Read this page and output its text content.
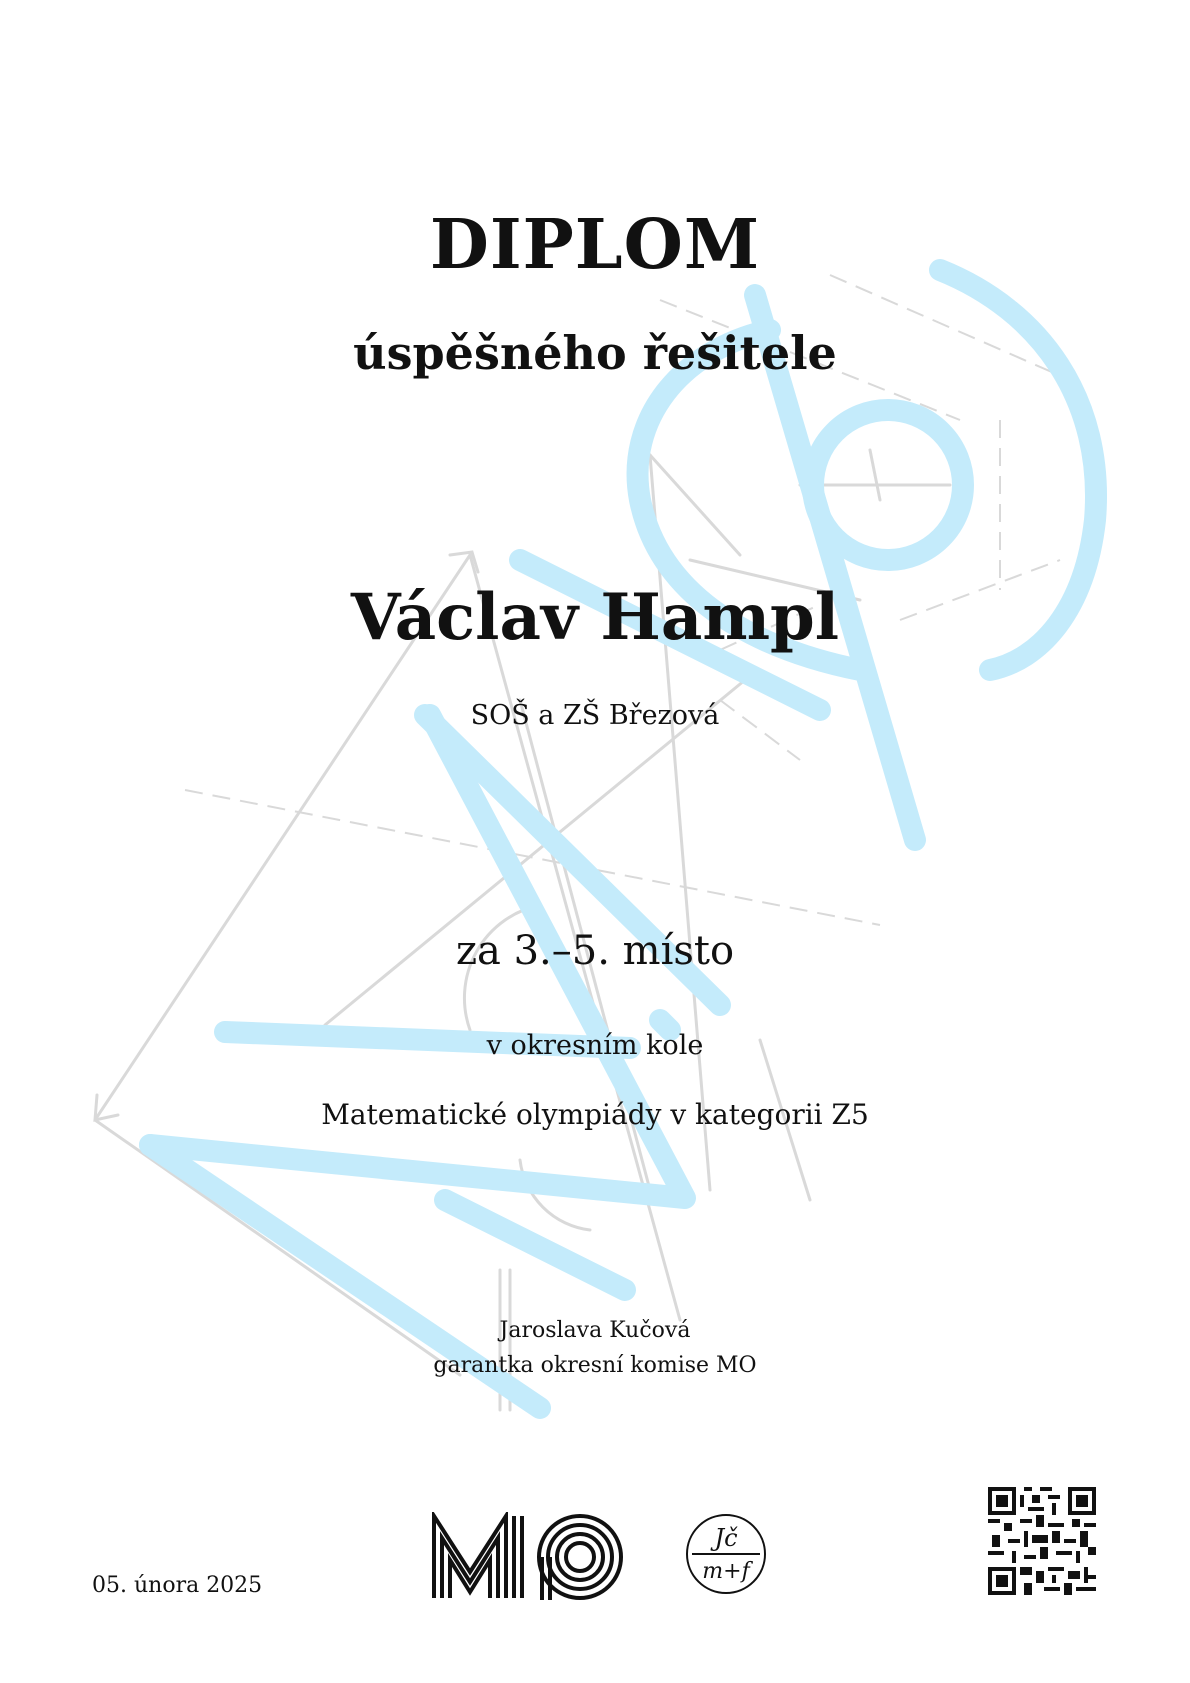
DIPLOM
úspěšného řešitele
Václav Hampl
SOŠ a ZŠ Březová
za 3.–5. místo
v okresním kole
Matematické olympiády v kategorii Z5
Jaroslava Kučová
garantka okresní komise MO
05. února 2025
Jč
m+f
